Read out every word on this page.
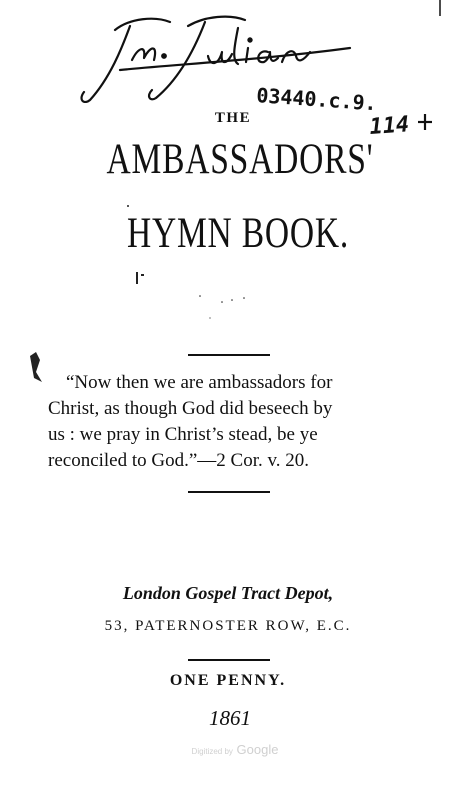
03440.c.9.
114
THE
AMBASSADORS'
HYMN BOOK.
“Now then we are ambassadors for
Christ, as though God did beseech by
us : we pray in Christ’s stead, be ye
reconciled to God.”—2 Cor. v. 20.
London Gospel Tract Depot,
53, PATERNOSTER ROW, E.C.
ONE PENNY.
1861
Digitized by Google
